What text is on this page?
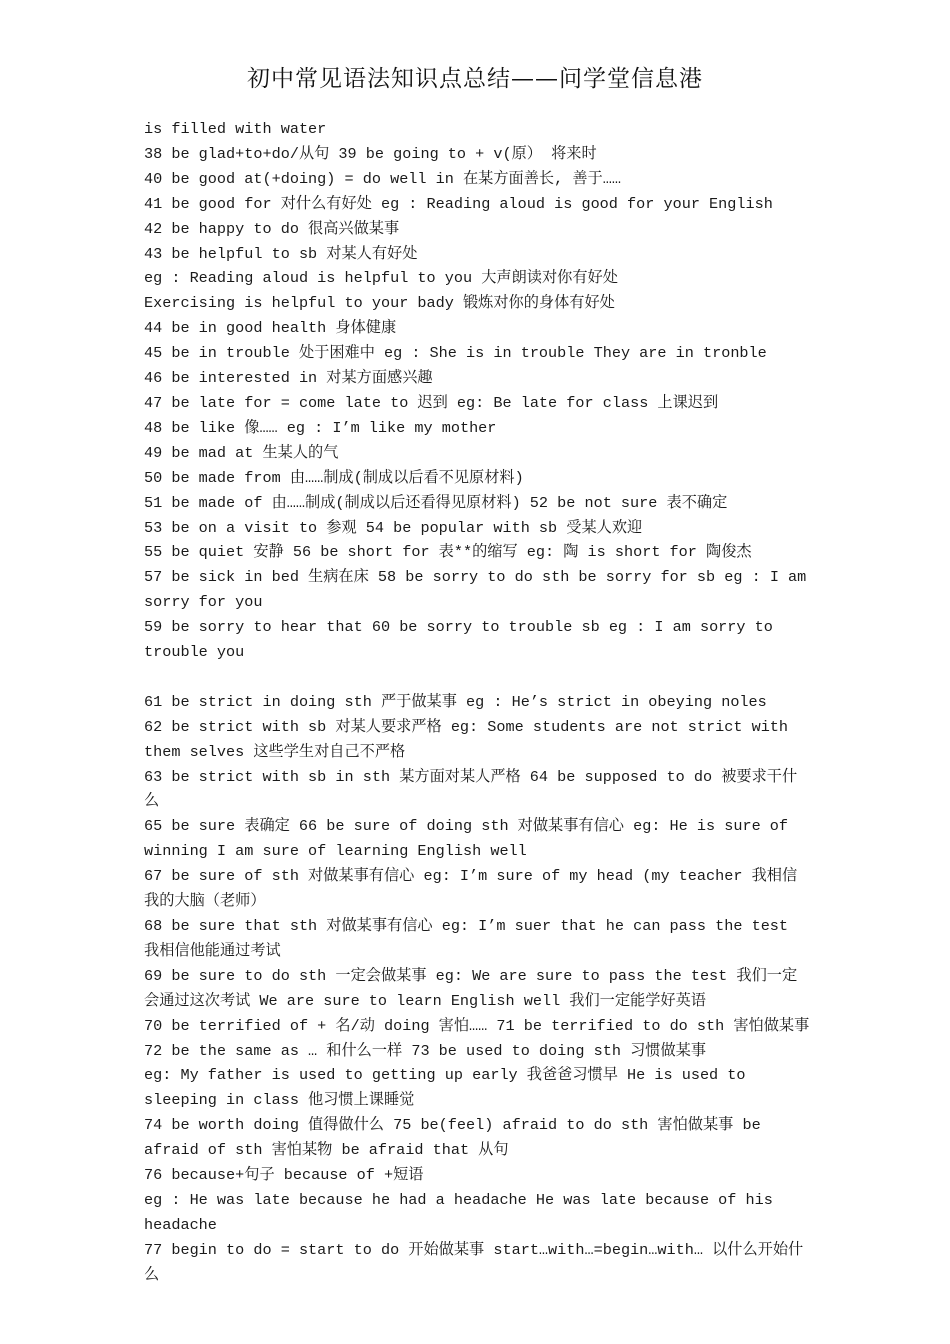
初中常见语法知识点总结——问学堂信息港
is filled with water
38 be glad+to+do/从句 39 be going to + v(原） 将来时
40 be good at(+doing) = do well in 在某方面善长, 善于……
41 be good for 对什么有好处 eg : Reading aloud is good for your English
42 be happy to do 很高兴做某事
43 be helpful to sb 对某人有好处
eg : Reading aloud is helpful to you 大声朗读对你有好处
Exercising is helpful to your bady 锻炼对你的身体有好处
44 be in good health 身体健康
45 be in trouble 处于困难中 eg : She is in trouble They are in tronble
46 be interested in 对某方面感兴趣
47 be late for = come late to 迟到 eg: Be late for class 上课迟到
48 be like 像…… eg : I’m like my mother
49 be mad at 生某人的气
50 be made from 由……制成(制成以后看不见原材料)
51 be made of 由……制成(制成以后还看得见原材料) 52 be not sure 表不确定
53 be on a visit to 参观 54 be popular with sb 受某人欢迎
55 be quiet 安静 56 be short for 表**的缩写 eg: 陶 is short for 陶俊杰
57 be sick in bed 生病在床 58 be sorry to do sth be sorry for sb eg : I am sorry for you
59 be sorry to hear that 60 be sorry to trouble sb eg : I am sorry to trouble you
61 be strict in doing sth 严于做某事 eg : He’s strict in obeying noles
62 be strict with sb 对某人要求严格 eg: Some students are not strict with them selves 这些学生对自己不严格
63 be strict with sb in sth 某方面对某人严格 64 be supposed to do 被要求干什么
65 be sure 表确定 66 be sure of doing sth 对做某事有信心 eg: He is sure of winning I am sure of learning English well
67 be sure of sth 对做某事有信心 eg: I’m sure of my head (my teacher 我相信我的大脑（老师）
68 be sure that sth 对做某事有信心 eg: I’m suer that he can pass the test 我相信他能通过考试
69 be sure to do sth 一定会做某事 eg: We are sure to pass the test 我们一定会通过这次考试 We are sure to learn English well 我们一定能学好英语
70 be terrified of + 名/动 doing 害怕…… 71 be terrified to do sth 害怕做某事
72 be the same as … 和什么一样 73 be used to doing sth 习惯做某事
eg: My father is used to getting up early 我爸爸习惯早 He is used to sleeping in class 他习惯上课睡觉
74 be worth doing 值得做什么 75 be(feel) afraid to do sth 害怕做某事 be afraid of sth 害怕某物 be afraid that 从句
76 because+句子 because of +短语
eg : He was late because he had a headache He was late because of his headache
77 begin to do = start to do 开始做某事 start…with…=begin…with… 以什么开始什么
